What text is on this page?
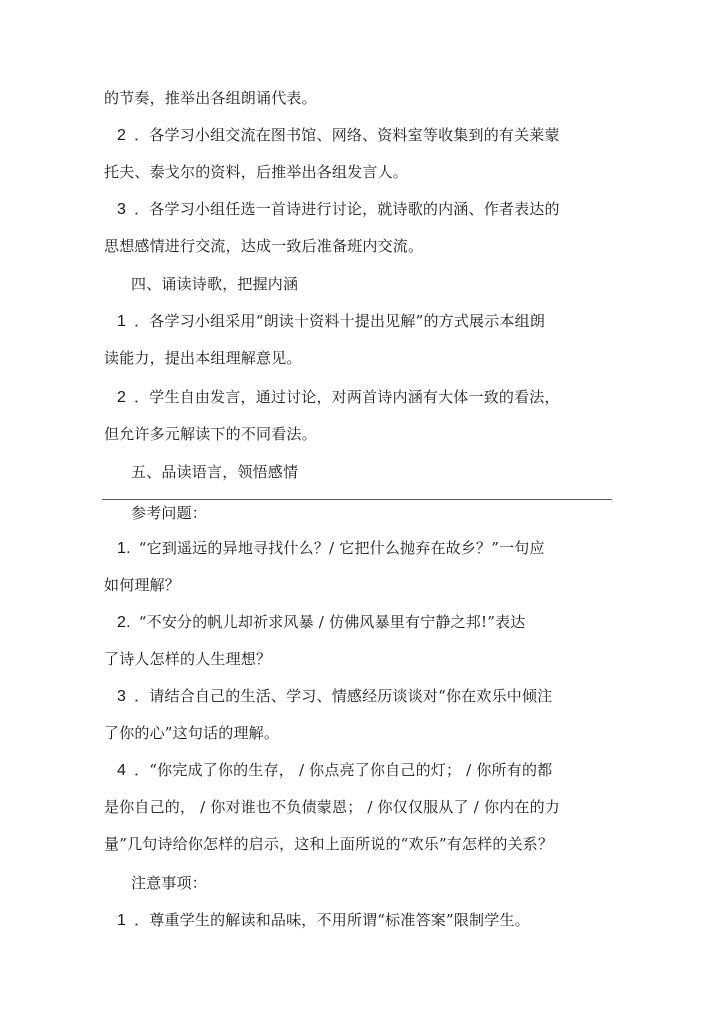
的节奏，推举出各组朗诵代表。
2 ．各学习小组交流在图书馆、网络、资料室等收集到的有关莱蒙
托夫、泰戈尔的资料，后推举出各组发言人。
3 ．各学习小组任选一首诗进行讨论，就诗歌的内涵、作者表达的
思想感情进行交流，达成一致后准备班内交流。
四、诵读诗歌，把握内涵
1 ．各学习小组采用“朗读十资料十提出见解”的方式展示本组朗
读能力，提出本组理解意见。
2 ．学生自由发言，通过讨论，对两首诗内涵有大体一致的看法，
但允许多元解读下的不同看法。
五、品读语言，领悟感情
参考问题：
1. “它到遥远的异地寻找什么？/ 它把什么抛弃在故乡？”一句应
如何理解？
2. “不安分的帆儿却祈求风暴 / 仿佛风暴里有宁静之邦!”表达
了诗人怎样的人生理想？
3 ．请结合自己的生活、学习、情感经历谈谈对“你在欢乐中倾注
了你的心”这句话的理解。
4 ．“你完成了你的生存， / 你点亮了你自己的灯； / 你所有的都
是你自己的， / 你对谁也不负债蒙恩； / 你仅仅服从了 / 你内在的力
量”几句诗给你怎样的启示，这和上面所说的“欢乐”有怎样的关系？
注意事项：
1 ．尊重学生的解读和品味，不用所谓“标准答案”限制学生。
